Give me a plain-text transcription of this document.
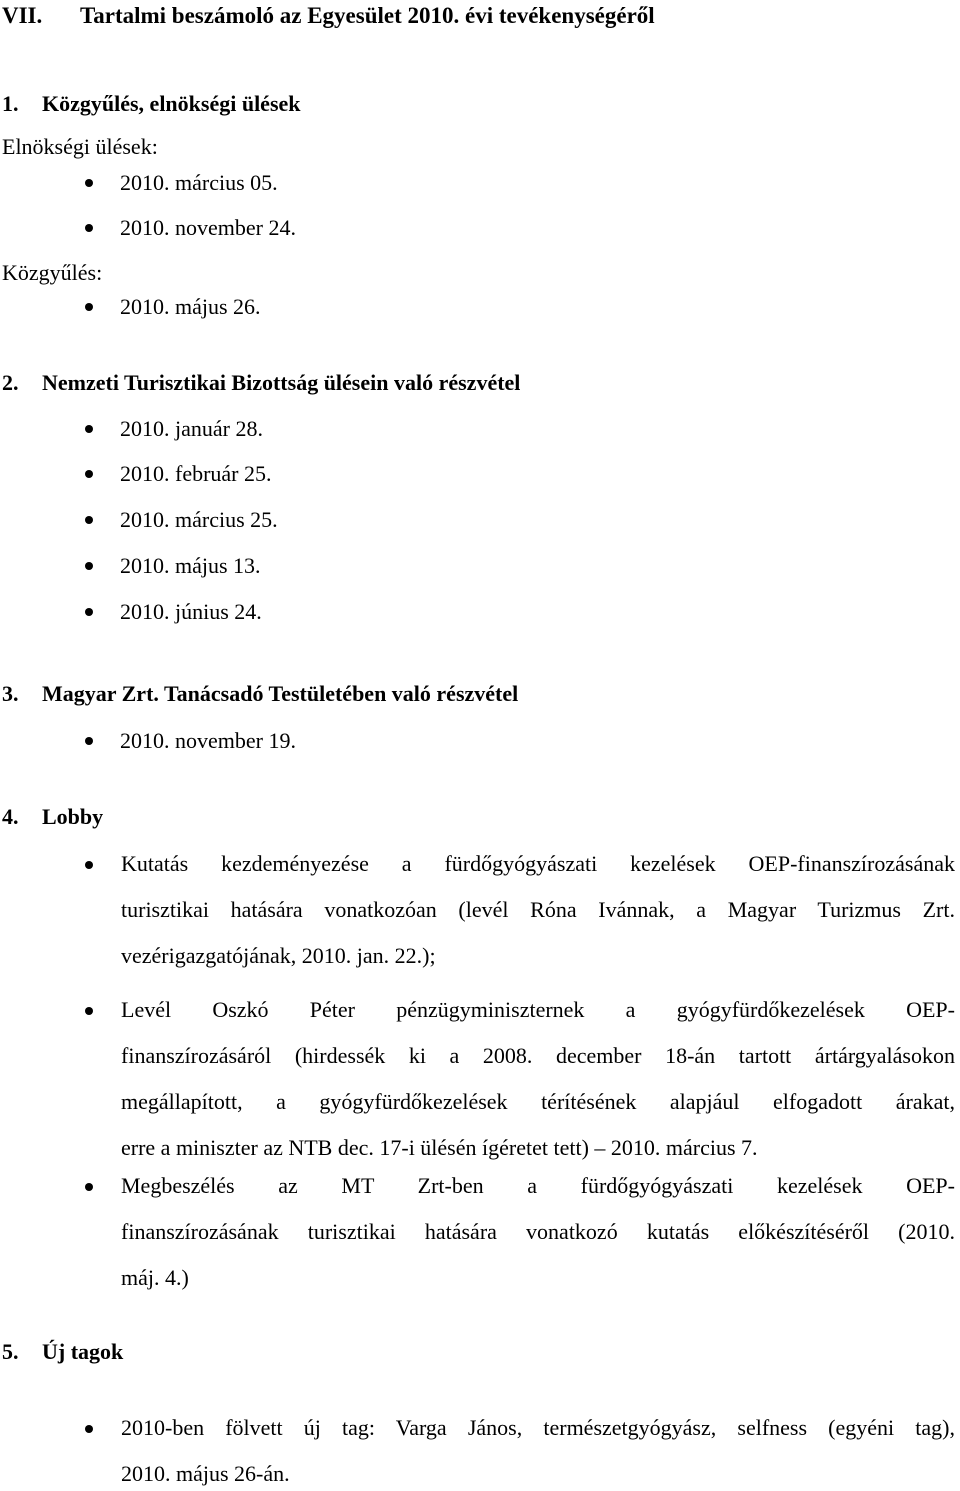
VII. Tartalmi beszámoló az Egyesület 2010. évi tevékenységéről
1. Közgyűlés, elnökségi ülések
Elnökségi ülések:
2010. március 05.
2010. november 24.
Közgyűlés:
2010. május 26.
2. Nemzeti Turisztikai Bizottság ülésein való részvétel
2010. január 28.
2010. február 25.
2010. március 25.
2010. május 13.
2010. június 24.
3. Magyar Zrt. Tanácsadó Testületében való részvétel
2010. november 19.
4. Lobby
Kutatás kezdeményezése a fürdőgyógyászati kezelések OEP-finanszírozásának
turisztikai hatására vonatkozóan (levél Róna Ivánnak, a Magyar Turizmus Zrt.
vezérigazgatójának, 2010. jan. 22.);
Levél Oszkó Péter pénzügyminiszternek a gyógyfürdőkezelések OEP-
finanszírozásáról (hirdessék ki a 2008. december 18-án tartott ártárgyalásokon
megállapított, a gyógyfürdőkezelések térítésének alapjául elfogadott árakat,
erre a miniszter az NTB dec. 17-i ülésén ígéretet tett) – 2010. március 7.
Megbeszélés az MT Zrt-ben a fürdőgyógyászati kezelések OEP-
finanszírozásának turisztikai hatására vonatkozó kutatás előkészítéséről (2010.
máj. 4.)
5. Új tagok
2010-ben fölvett új tag: Varga János, természetgyógyász, selfness (egyéni tag),
2010. május 26-án.
